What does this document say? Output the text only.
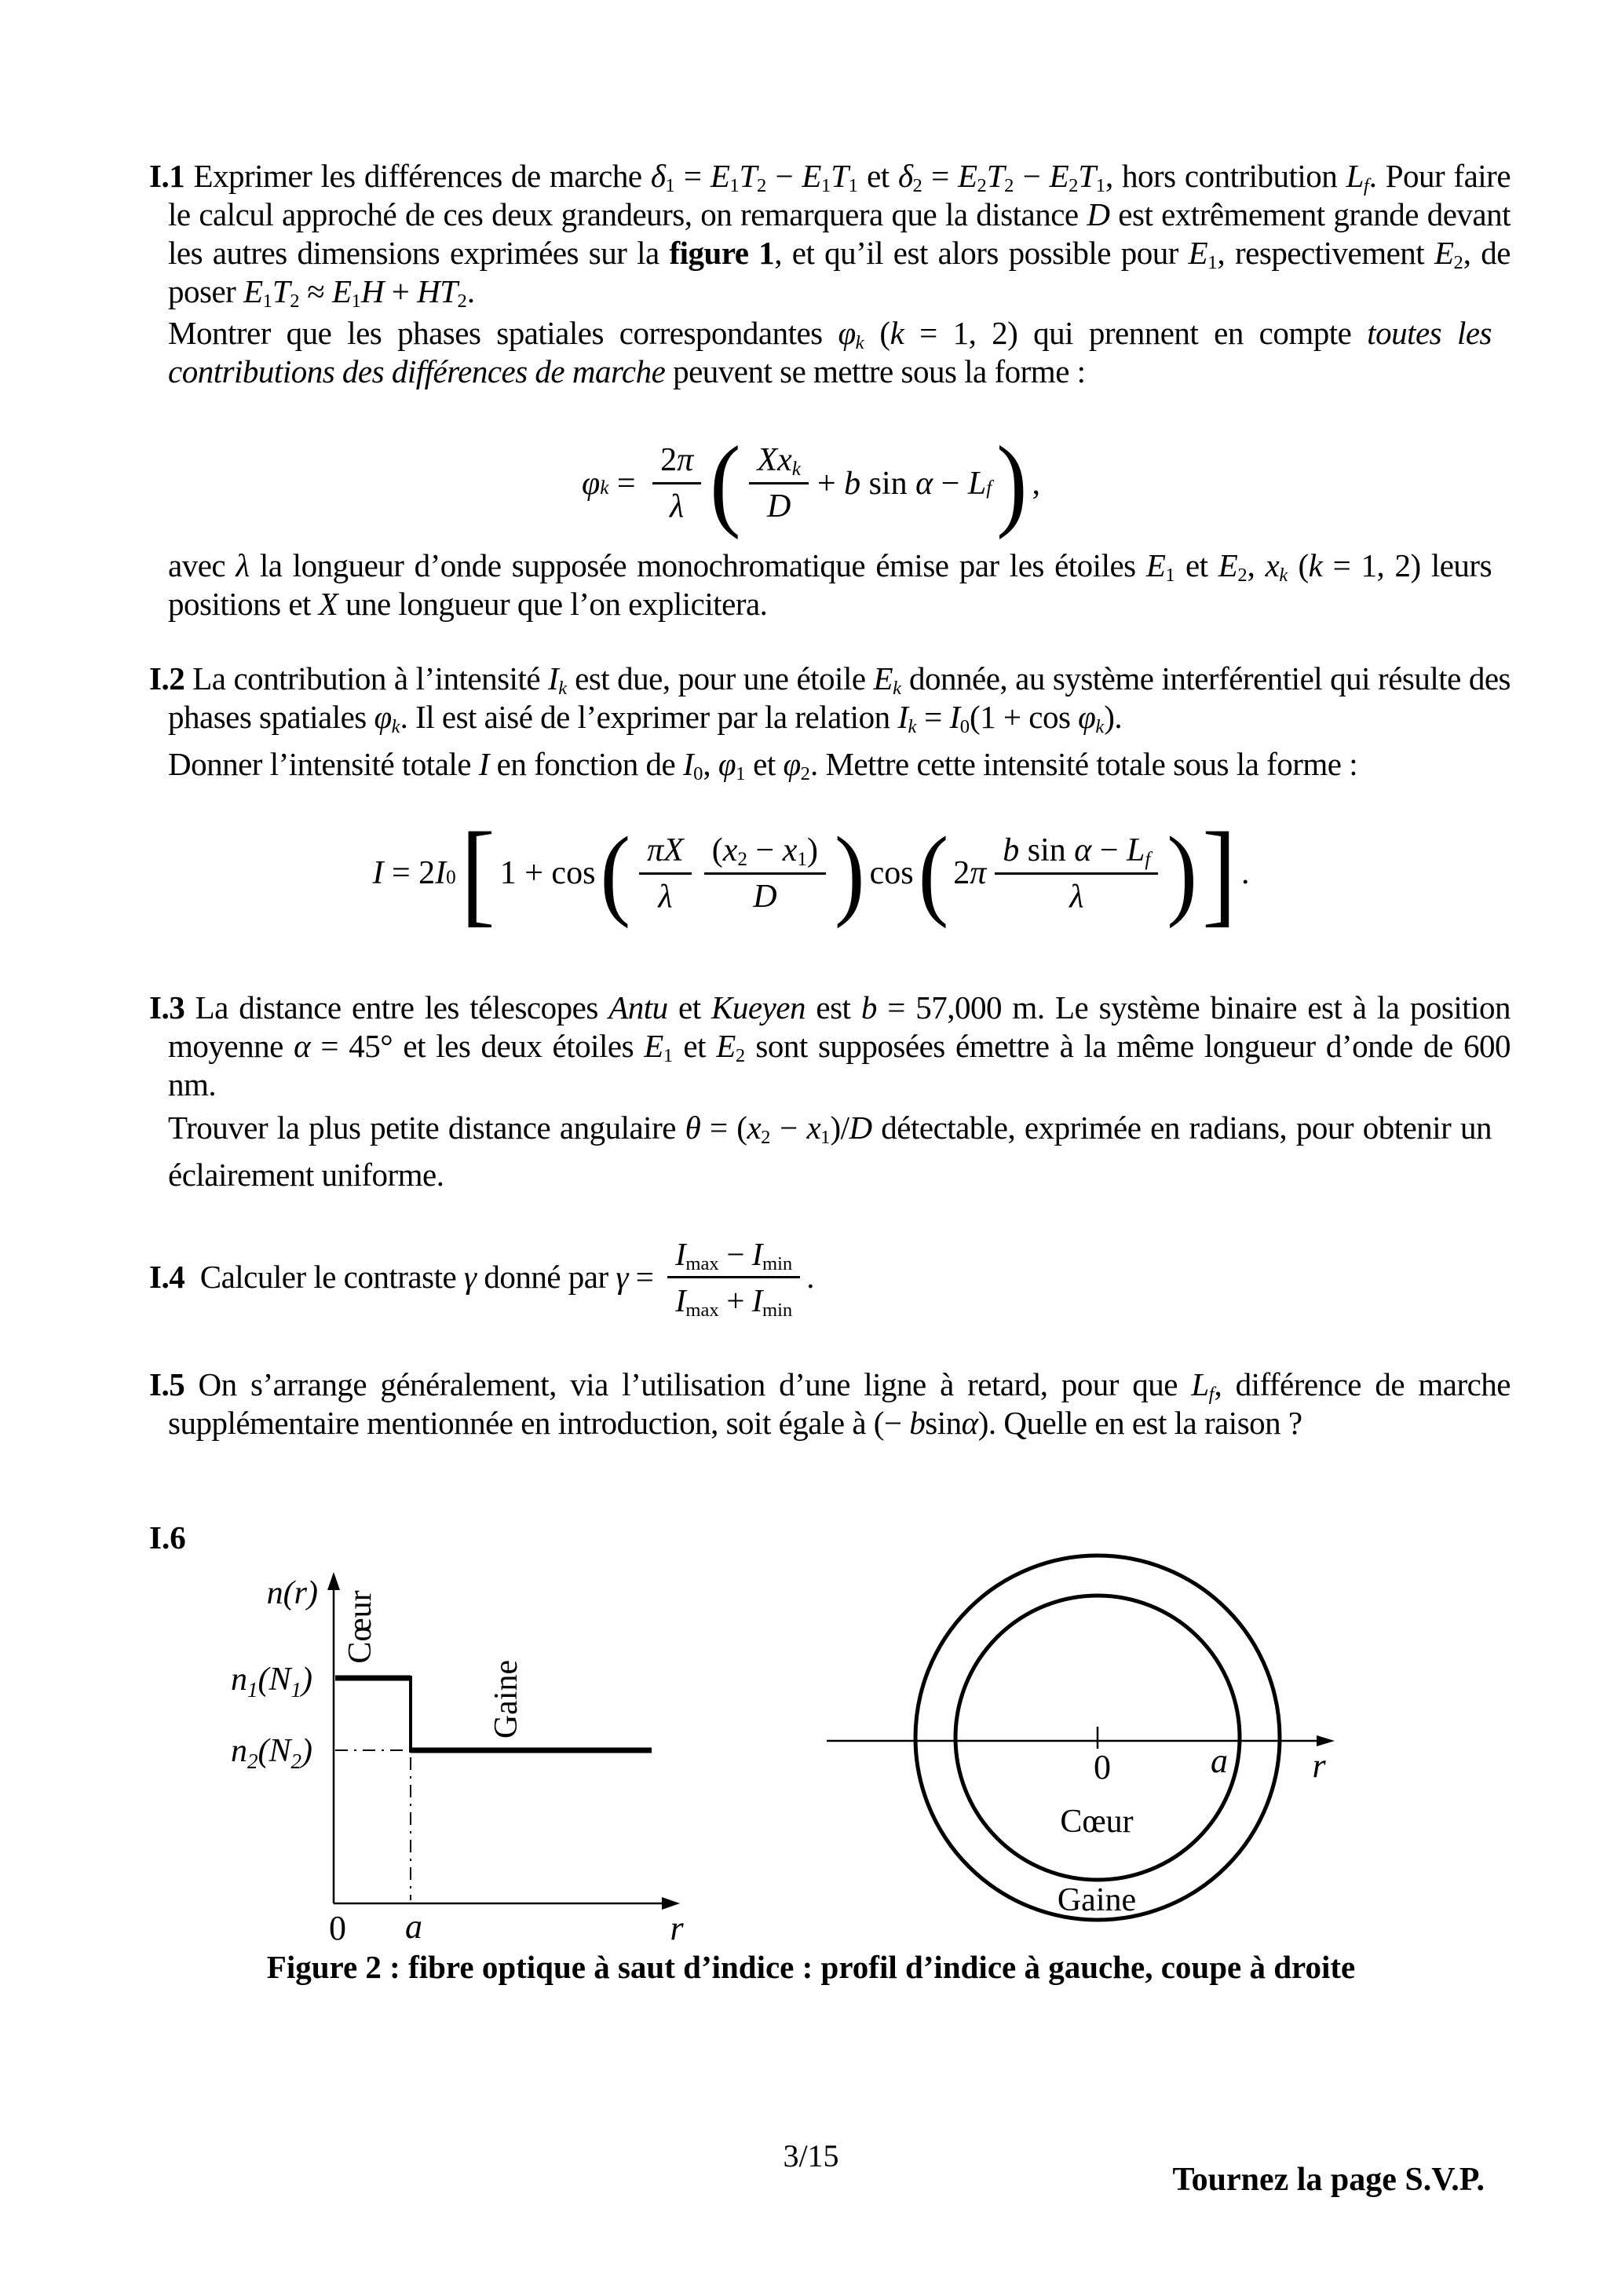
I.1 Exprimer les différences de marche δ1 = E1T2 − E1T1 et δ2 = E2T2 − E2T1, hors contribution Lf. Pour faire le calcul approché de ces deux grandeurs, on remarquera que la distance D est extrêmement grande devant les autres dimensions exprimées sur la figure 1, et qu’il est alors possible pour E1, respectivement E2, de poser E1T2 ≈ E1H + HT2.

Montrer que les phases spatiales correspondantes φk (k = 1, 2) qui prennent en compte toutes les contributions des différences de marche peuvent se mettre sous la forme :

φ $k = \frac{2\pi}{\lambda}$ ( $\frac{\text{Xxk}}{D} + b$ sin α − L f ) ,

avec λ la longueur d’onde supposée monochromatique émise par les étoiles E1 et E2, xk (k = 1, 2) leurs positions et X une longueur que l’on explicitera.

I.2 La contribution à l’intensité Ik est due, pour une étoile Ek donnée, au système interférentiel qui résulte des phases spatiales φk. Il est aisé de l’exprimer par la relation Ik = I0(1 + cos φk).

Donner l’intensité totale I en fonction de I0, φ1 et φ2. Mettre cette intensité totale sous la forme :

I = 2 I 0 [ 1 + cos ( $\frac{\pi X}{\lambda} \frac{(x2 - x1)}{D}$ ) cos ( 2 π $\frac{\text{b sin α − Lf}}{\lambda}$ ) ] .

I.3 La distance entre les télescopes Antu et Kueyen est b = 57,000 m. Le système binaire est à la position moyenne α = 45° et les deux étoiles E1 et E2 sont supposées émettre à la même longueur d’onde de 600 nm.

Trouver la plus petite distance angulaire θ = (x2 − x1)/D détectable, exprimée en radians, pour obtenir un éclairement uniforme.

I.4 Calculer le contraste γ donné par $\gamma = \frac{Imax - Imin}{Imax + Imin}$ .

I.5 On s’arrange généralement, via l’utilisation d’une ligne à retard, pour que Lf, différence de marche supplémentaire mentionnée en introduction, soit égale à (− bsinα). Quelle en est la raison ?

I.6
n(r) Cœur
Gaine
$n_1(N_1)$
$n_2(N_2)$
0 a	r
0	a r
Cœur
Gaine
Figure 2 : fibre optique à saut d’indice : profil d’indice à gauche, coupe à droite
3/15
Tournez la page S.V.P.
